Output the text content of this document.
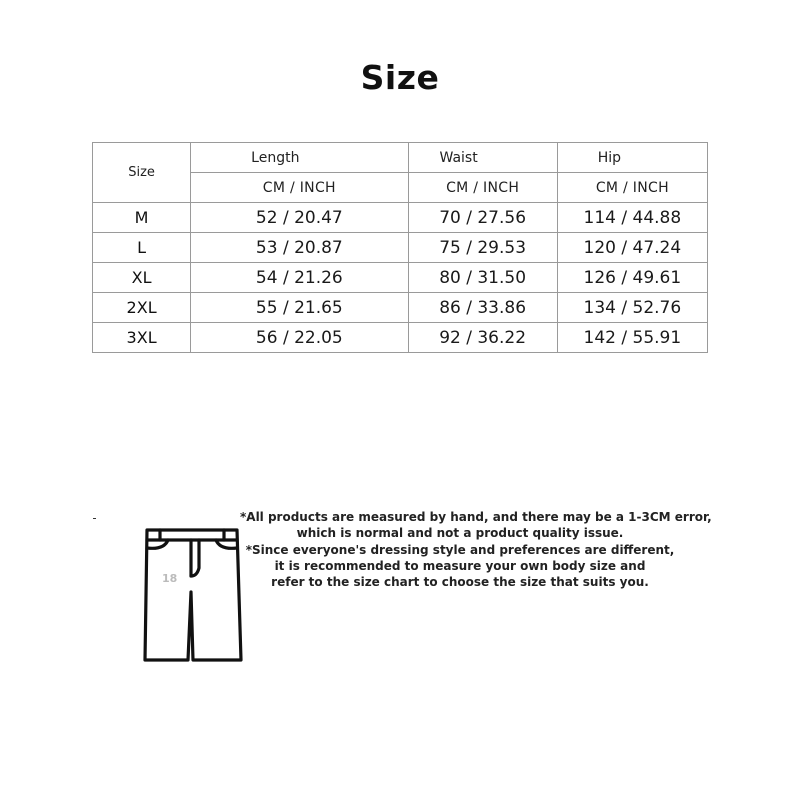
Size
Size	Length	Waist	Hip
	CM / INCH	CM / INCH	CM / INCH
M	52 / 20.47	70 / 27.56	114 / 44.88
L	53 / 20.87	75 / 29.53	120 / 47.24
XL	54 / 21.26	80 / 31.50	126 / 49.61
2XL	55 / 21.65	86 / 33.86	134 / 52.76
3XL	56 / 22.05	92 / 36.22	142 / 55.91
18
*All products are measured by hand, and there may be a 1-3CM error,
which is normal and not a product quality issue.
*Since everyone's dressing style and preferences are different,
it is recommended to measure your own body size and
refer to the size chart to choose the size that suits you.
